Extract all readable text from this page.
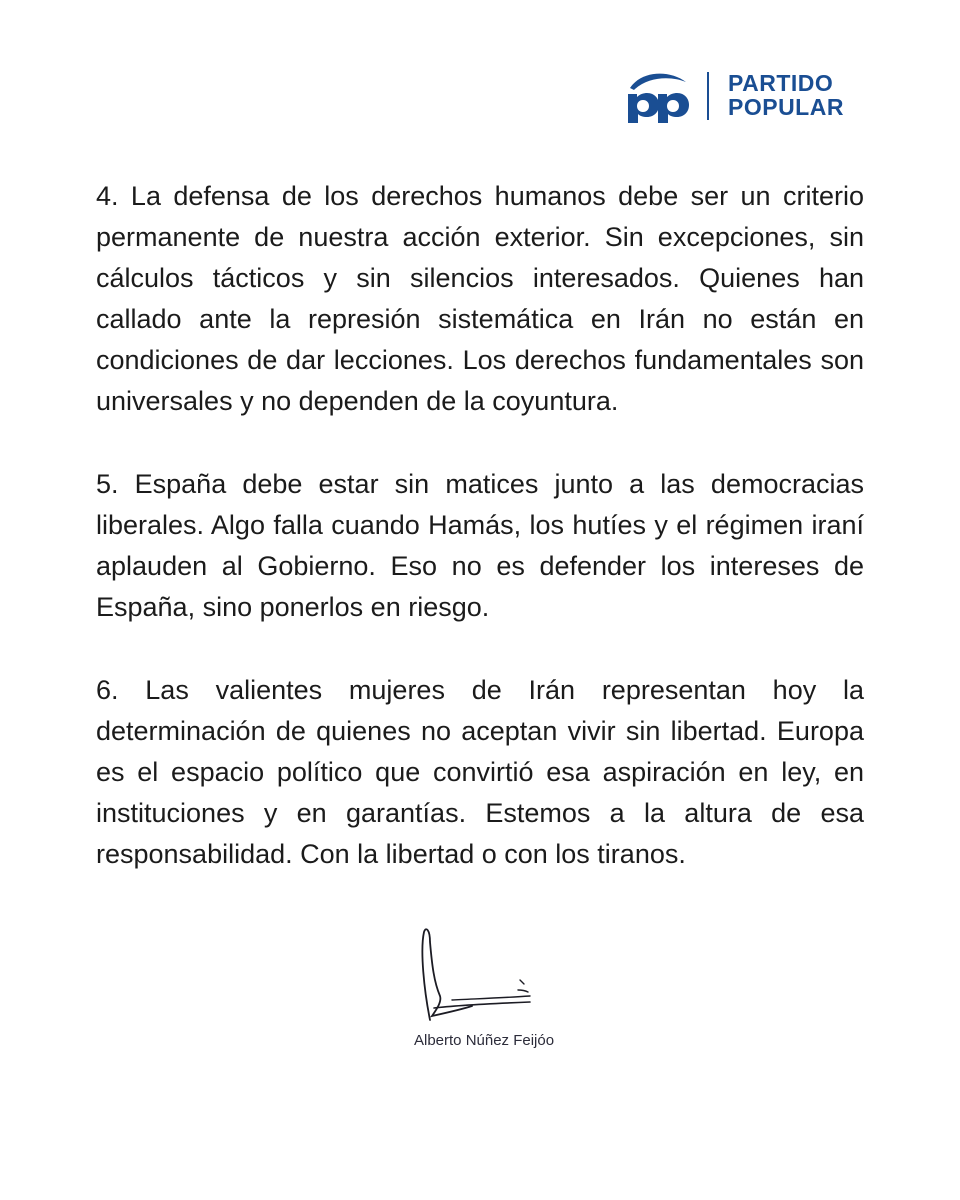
PARTIDO
POPULAR

4. La defensa de los derechos humanos debe ser un criterio permanente de nuestra acción exterior. Sin excepciones, sin cálculos tácticos y sin silencios interesados. Quienes han callado ante la represión sistemática en Irán no están en condiciones de dar lecciones. Los derechos fundamentales son universales y no dependen de la coyuntura.

5. España debe estar sin matices junto a las democracias liberales. Algo falla cuando Hamás, los hutíes y el régimen iraní aplauden al Gobierno. Eso no es defender los intereses de España, sino ponerlos en riesgo.

6. Las valientes mujeres de Irán representan hoy la determinación de quienes no aceptan vivir sin libertad. Europa es el espacio político que convirtió esa aspiración en ley, en instituciones y en garantías. Estemos a la altura de esa responsabilidad. Con la libertad o con los tiranos.

Alberto Núñez Feijóo
